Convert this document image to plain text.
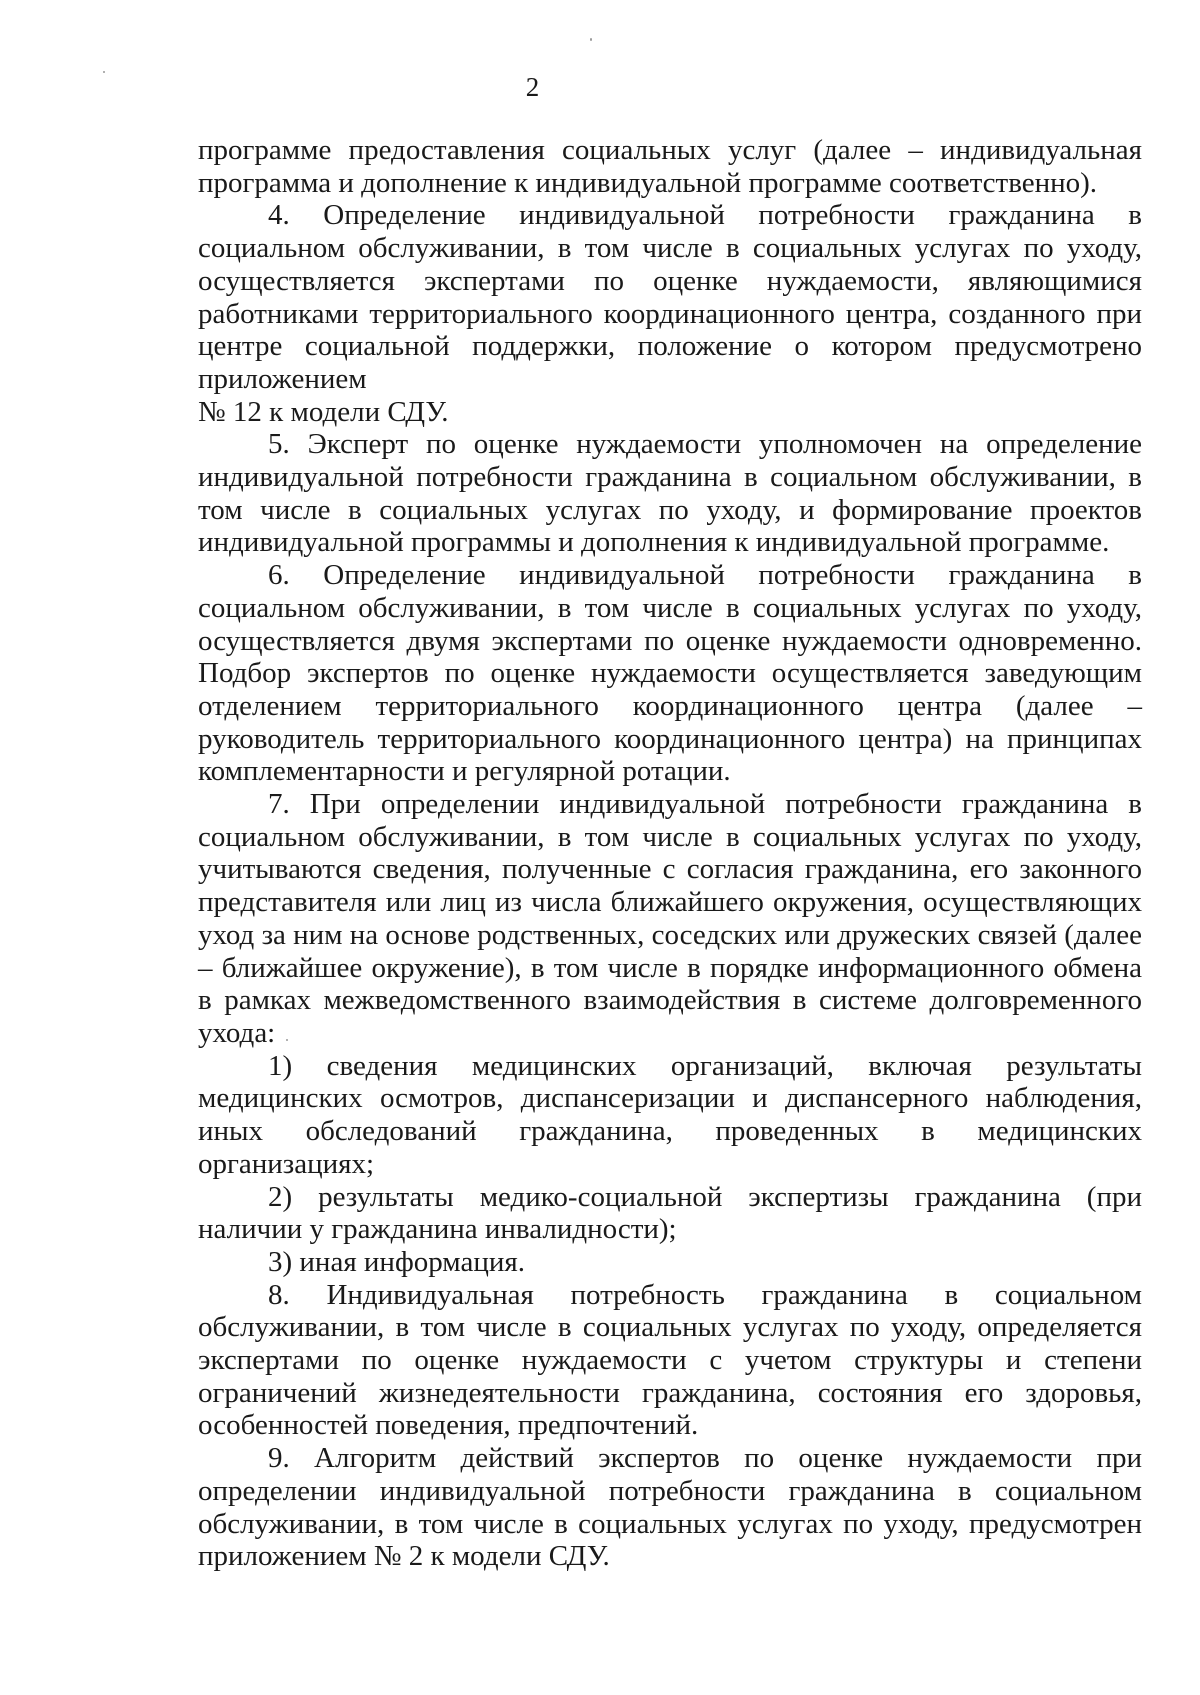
2

программе предоставления социальных услуг (далее – индивидуальная программа и дополнение к индивидуальной программе соответственно).

4. Определение индивидуальной потребности гражданина в социальном обслуживании, в том числе в социальных услугах по уходу, осуществляется экспертами по оценке нуждаемости, являющимися работниками территориального координационного центра, созданного при центре социальной поддержки, положение о котором предусмотрено приложением

№ 12 к модели СДУ.

5. Эксперт по оценке нуждаемости уполномочен на определение индивидуальной потребности гражданина в социальном обслуживании, в том числе в социальных услугах по уходу, и формирование проектов индивидуальной программы и дополнения к индивидуальной программе.

6. Определение индивидуальной потребности гражданина в социальном обслуживании, в том числе в социальных услугах по уходу, осуществляется двумя экспертами по оценке нуждаемости одновременно. Подбор экспертов по оценке нуждаемости осуществляется заведующим отделением территориального координационного центра (далее – руководитель территориального координационного центра) на принципах комплементарности и регулярной ротации.

7. При определении индивидуальной потребности гражданина в социальном обслуживании, в том числе в социальных услугах по уходу, учитываются сведения, полученные с согласия гражданина, его законного представителя или лиц из числа ближайшего окружения, осуществляющих уход за ним на основе родственных, соседских или дружеских связей (далее – ближайшее окружение), в том числе в порядке информационного обмена в рамках межведомственного взаимодействия в системе долговременного ухода:

1) сведения медицинских организаций, включая результаты медицинских осмотров, диспансеризации и диспансерного наблюдения, иных обследований гражданина, проведенных в медицинских организациях;

2) результаты медико-социальной экспертизы гражданина (при наличии у гражданина инвалидности);

3) иная информация.

8. Индивидуальная потребность гражданина в социальном обслуживании, в том числе в социальных услугах по уходу, определяется экспертами по оценке нуждаемости с учетом структуры и степени ограничений жизнедеятельности гражданина, состояния его здоровья, особенностей поведения, предпочтений.

9. Алгоритм действий экспертов по оценке нуждаемости при определении индивидуальной потребности гражданина в социальном обслуживании, в том числе в социальных услугах по уходу, предусмотрен приложением № 2 к модели СДУ.
